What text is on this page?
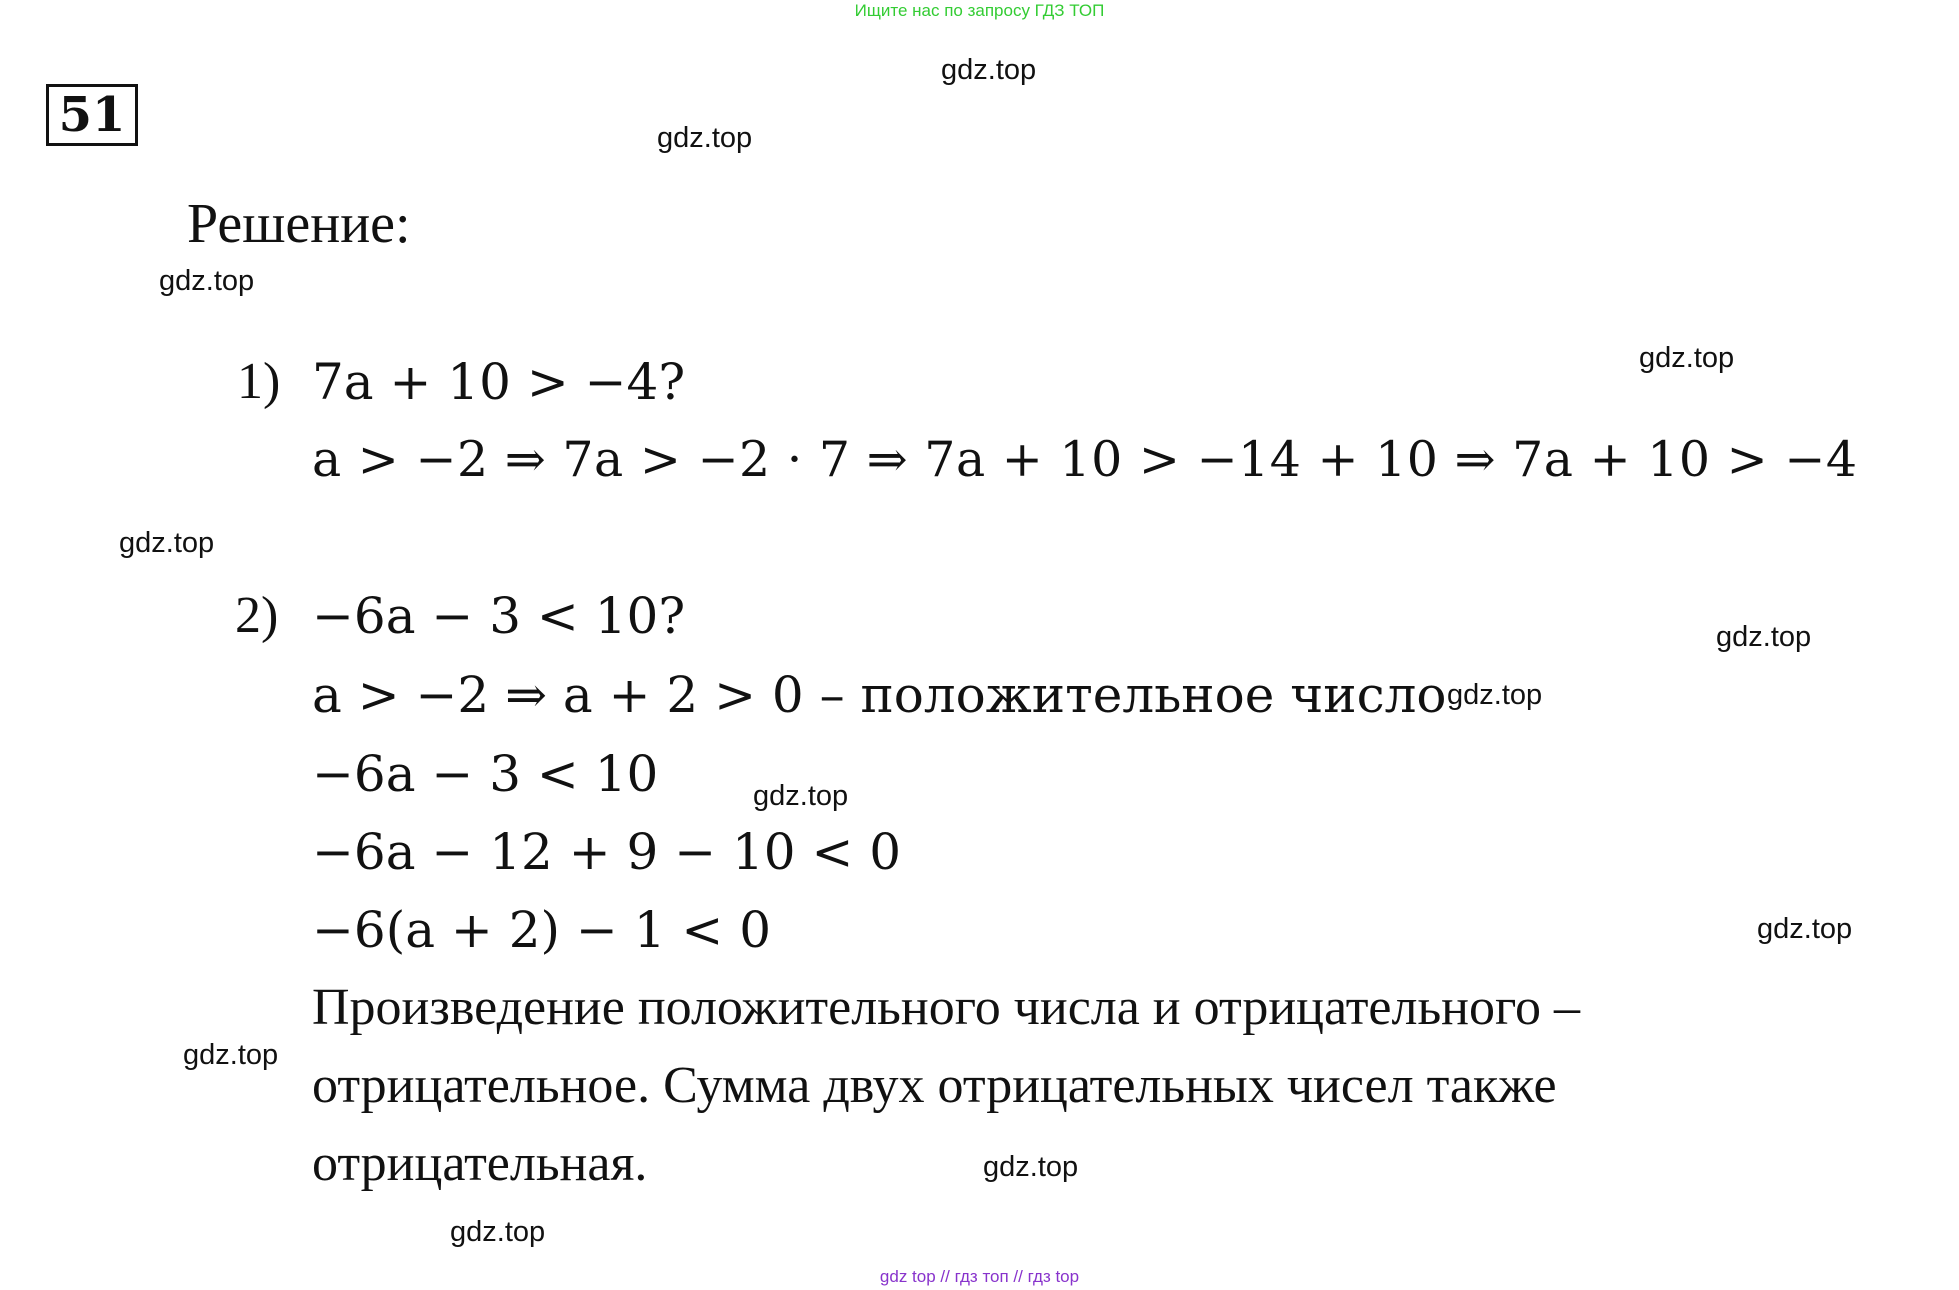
Ищите нас по запросу ГДЗ ТОП
51
Решение:
1) 7a + 10 > −4?
a > −2 ⇒ 7a > −2 · 7 ⇒ 7a + 10 > −14 + 10 ⇒ 7a + 10 > −4
2) −6a − 3 < 10?
a > −2 ⇒ a + 2 > 0 – положительное число
−6a − 3 < 10
−6a − 12 + 9 − 10 < 0
−6(a + 2) − 1 < 0
Произведение положительного числа и отрицательного –
отрицательное. Сумма двух отрицательных чисел также
отрицательная.
gdz.top
gdz.top
gdz.top
gdz.top
gdz.top
gdz.top
gdz.top
gdz.top
gdz.top
gdz.top
gdz.top
gdz.top
gdz top // гдз топ // гдз top
